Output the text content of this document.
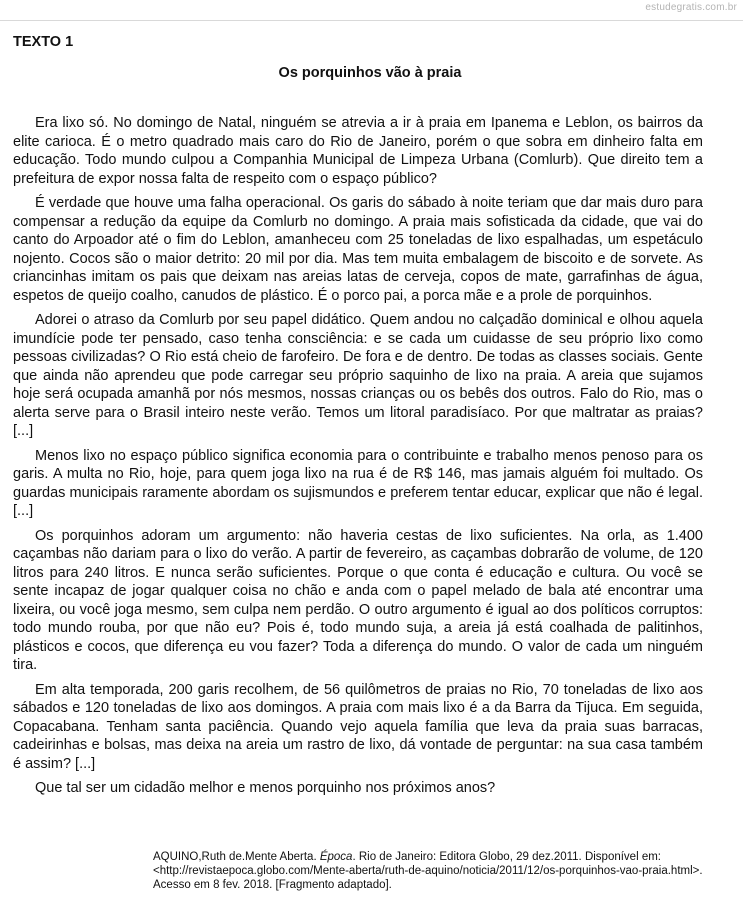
estudegratis.com.br
TEXTO 1
Os porquinhos vão à praia

Era lixo só. No domingo de Natal, ninguém se atrevia a ir à praia em Ipanema e Leblon, os bairros da elite carioca. É o metro quadrado mais caro do Rio de Janeiro, porém o que sobra em dinheiro falta em educação. Todo mundo culpou a Companhia Municipal de Limpeza Urbana (Comlurb). Que direito tem a prefeitura de expor nossa falta de respeito com o espaço público?

É verdade que houve uma falha operacional. Os garis do sábado à noite teriam que dar mais duro para compensar a redução da equipe da Comlurb no domingo. A praia mais sofisticada da cidade, que vai do canto do Arpoador até o fim do Leblon, amanheceu com 25 toneladas de lixo espalhadas, um espetáculo nojento. Cocos são o maior detrito: 20 mil por dia. Mas tem muita embalagem de biscoito e de sorvete. As criancinhas imitam os pais que deixam nas areias latas de cerveja, copos de mate, garrafinhas de água, espetos de queijo coalho, canudos de plástico. É o porco pai, a porca mãe e a prole de porquinhos.

Adorei o atraso da Comlurb por seu papel didático. Quem andou no calçadão dominical e olhou aquela imundície pode ter pensado, caso tenha consciência: e se cada um cuidasse de seu próprio lixo como pessoas civilizadas? O Rio está cheio de farofeiro. De fora e de dentro. De todas as classes sociais. Gente que ainda não aprendeu que pode carregar seu próprio saquinho de lixo na praia. A areia que sujamos hoje será ocupada amanhã por nós mesmos, nossas crianças ou os bebês dos outros. Falo do Rio, mas o alerta serve para o Brasil inteiro neste verão. Temos um litoral paradisíaco. Por que maltratar as praias? [...]

Menos lixo no espaço público significa economia para o contribuinte e trabalho menos penoso para os garis. A multa no Rio, hoje, para quem joga lixo na rua é de R$ 146, mas jamais alguém foi multado. Os guardas municipais raramente abordam os sujismundos e preferem tentar educar, explicar que não é legal. [...]

Os porquinhos adoram um argumento: não haveria cestas de lixo suficientes. Na orla, as 1.400 caçambas não dariam para o lixo do verão. A partir de fevereiro, as caçambas dobrarão de volume, de 120 litros para 240 litros. E nunca serão suficientes. Porque o que conta é educação e cultura. Ou você se sente incapaz de jogar qualquer coisa no chão e anda com o papel melado de bala até encontrar uma lixeira, ou você joga mesmo, sem culpa nem perdão. O outro argumento é igual ao dos políticos corruptos: todo mundo rouba, por que não eu? Pois é, todo mundo suja, a areia já está coalhada de palitinhos, plásticos e cocos, que diferença eu vou fazer? Toda a diferença do mundo. O valor de cada um ninguém tira.

Em alta temporada, 200 garis recolhem, de 56 quilômetros de praias no Rio, 70 toneladas de lixo aos sábados e 120 toneladas de lixo aos domingos. A praia com mais lixo é a da Barra da Tijuca. Em seguida, Copacabana. Tenham santa paciência. Quando vejo aquela família que leva da praia suas barracas, cadeirinhas e bolsas, mas deixa na areia um rastro de lixo, dá vontade de perguntar: na sua casa também é assim? [...]

Que tal ser um cidadão melhor e menos porquinho nos próximos anos?

AQUINO,Ruth de.Mente Aberta. Época. Rio de Janeiro: Editora Globo, 29 dez.2011. Disponível em: <http://revistaepoca.globo.com/Mente-aberta/ruth-de-aquino/noticia/2011/12/os-porquinhos-vao-praia.html>. Acesso em 8 fev. 2018. [Fragmento adaptado].
